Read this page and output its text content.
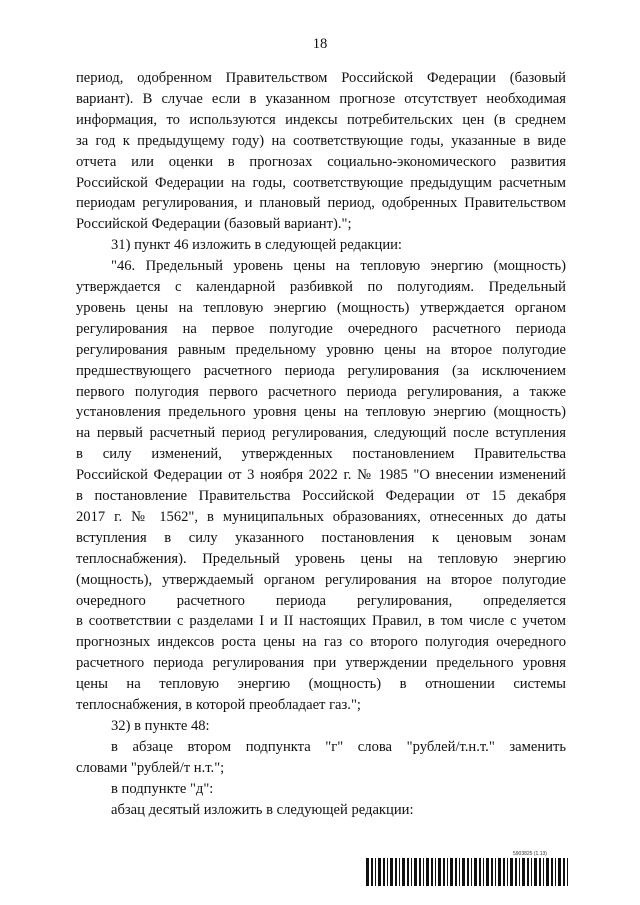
18
период, одобренном Правительством Российской Федерации (базовый
вариант). В случае если в указанном прогнозе отсутствует необходимая
информация, то используются индексы потребительских цен (в среднем
за год к предыдущему году) на соответствующие годы, указанные в виде
отчета или оценки в прогнозах социально-экономического развития
Российской Федерации на годы, соответствующие предыдущим расчетным
периодам регулирования, и плановый период, одобренных Правительством
Российской Федерации (базовый вариант).";
31) пункт 46 изложить в следующей редакции:
"46. Предельный уровень цены на тепловую энергию (мощность)
утверждается с календарной разбивкой по полугодиям. Предельный
уровень цены на тепловую энергию (мощность) утверждается органом
регулирования на первое полугодие очередного расчетного периода
регулирования равным предельному уровню цены на второе полугодие
предшествующего расчетного периода регулирования (за исключением
первого полугодия первого расчетного периода регулирования, а также
установления предельного уровня цены на тепловую энергию (мощность)
на первый расчетный период регулирования, следующий после вступления
в силу изменений, утвержденных постановлением Правительства
Российской Федерации от 3 ноября 2022 г. № 1985 "О внесении изменений
в постановление Правительства Российской Федерации от 15 декабря
2017 г. № 1562", в муниципальных образованиях, отнесенных до даты
вступления в силу указанного постановления к ценовым зонам
теплоснабжения). Предельный уровень цены на тепловую энергию
(мощность), утверждаемый органом регулирования на второе полугодие
очередного расчетного периода регулирования, определяется
в соответствии с разделами I и II настоящих Правил, в том числе с учетом
прогнозных индексов роста цены на газ со второго полугодия очередного
расчетного периода регулирования при утверждении предельного уровня
цены на тепловую энергию (мощность) в отношении системы
теплоснабжения, в которой преобладает газ.";
32) в пункте 48:
в абзаце втором подпункта "г" слова "рублей/т.н.т." заменить
словами "рублей/т н.т.";
в подпункте "д":
абзац десятый изложить в следующей редакции:
5903825 (1.13)
